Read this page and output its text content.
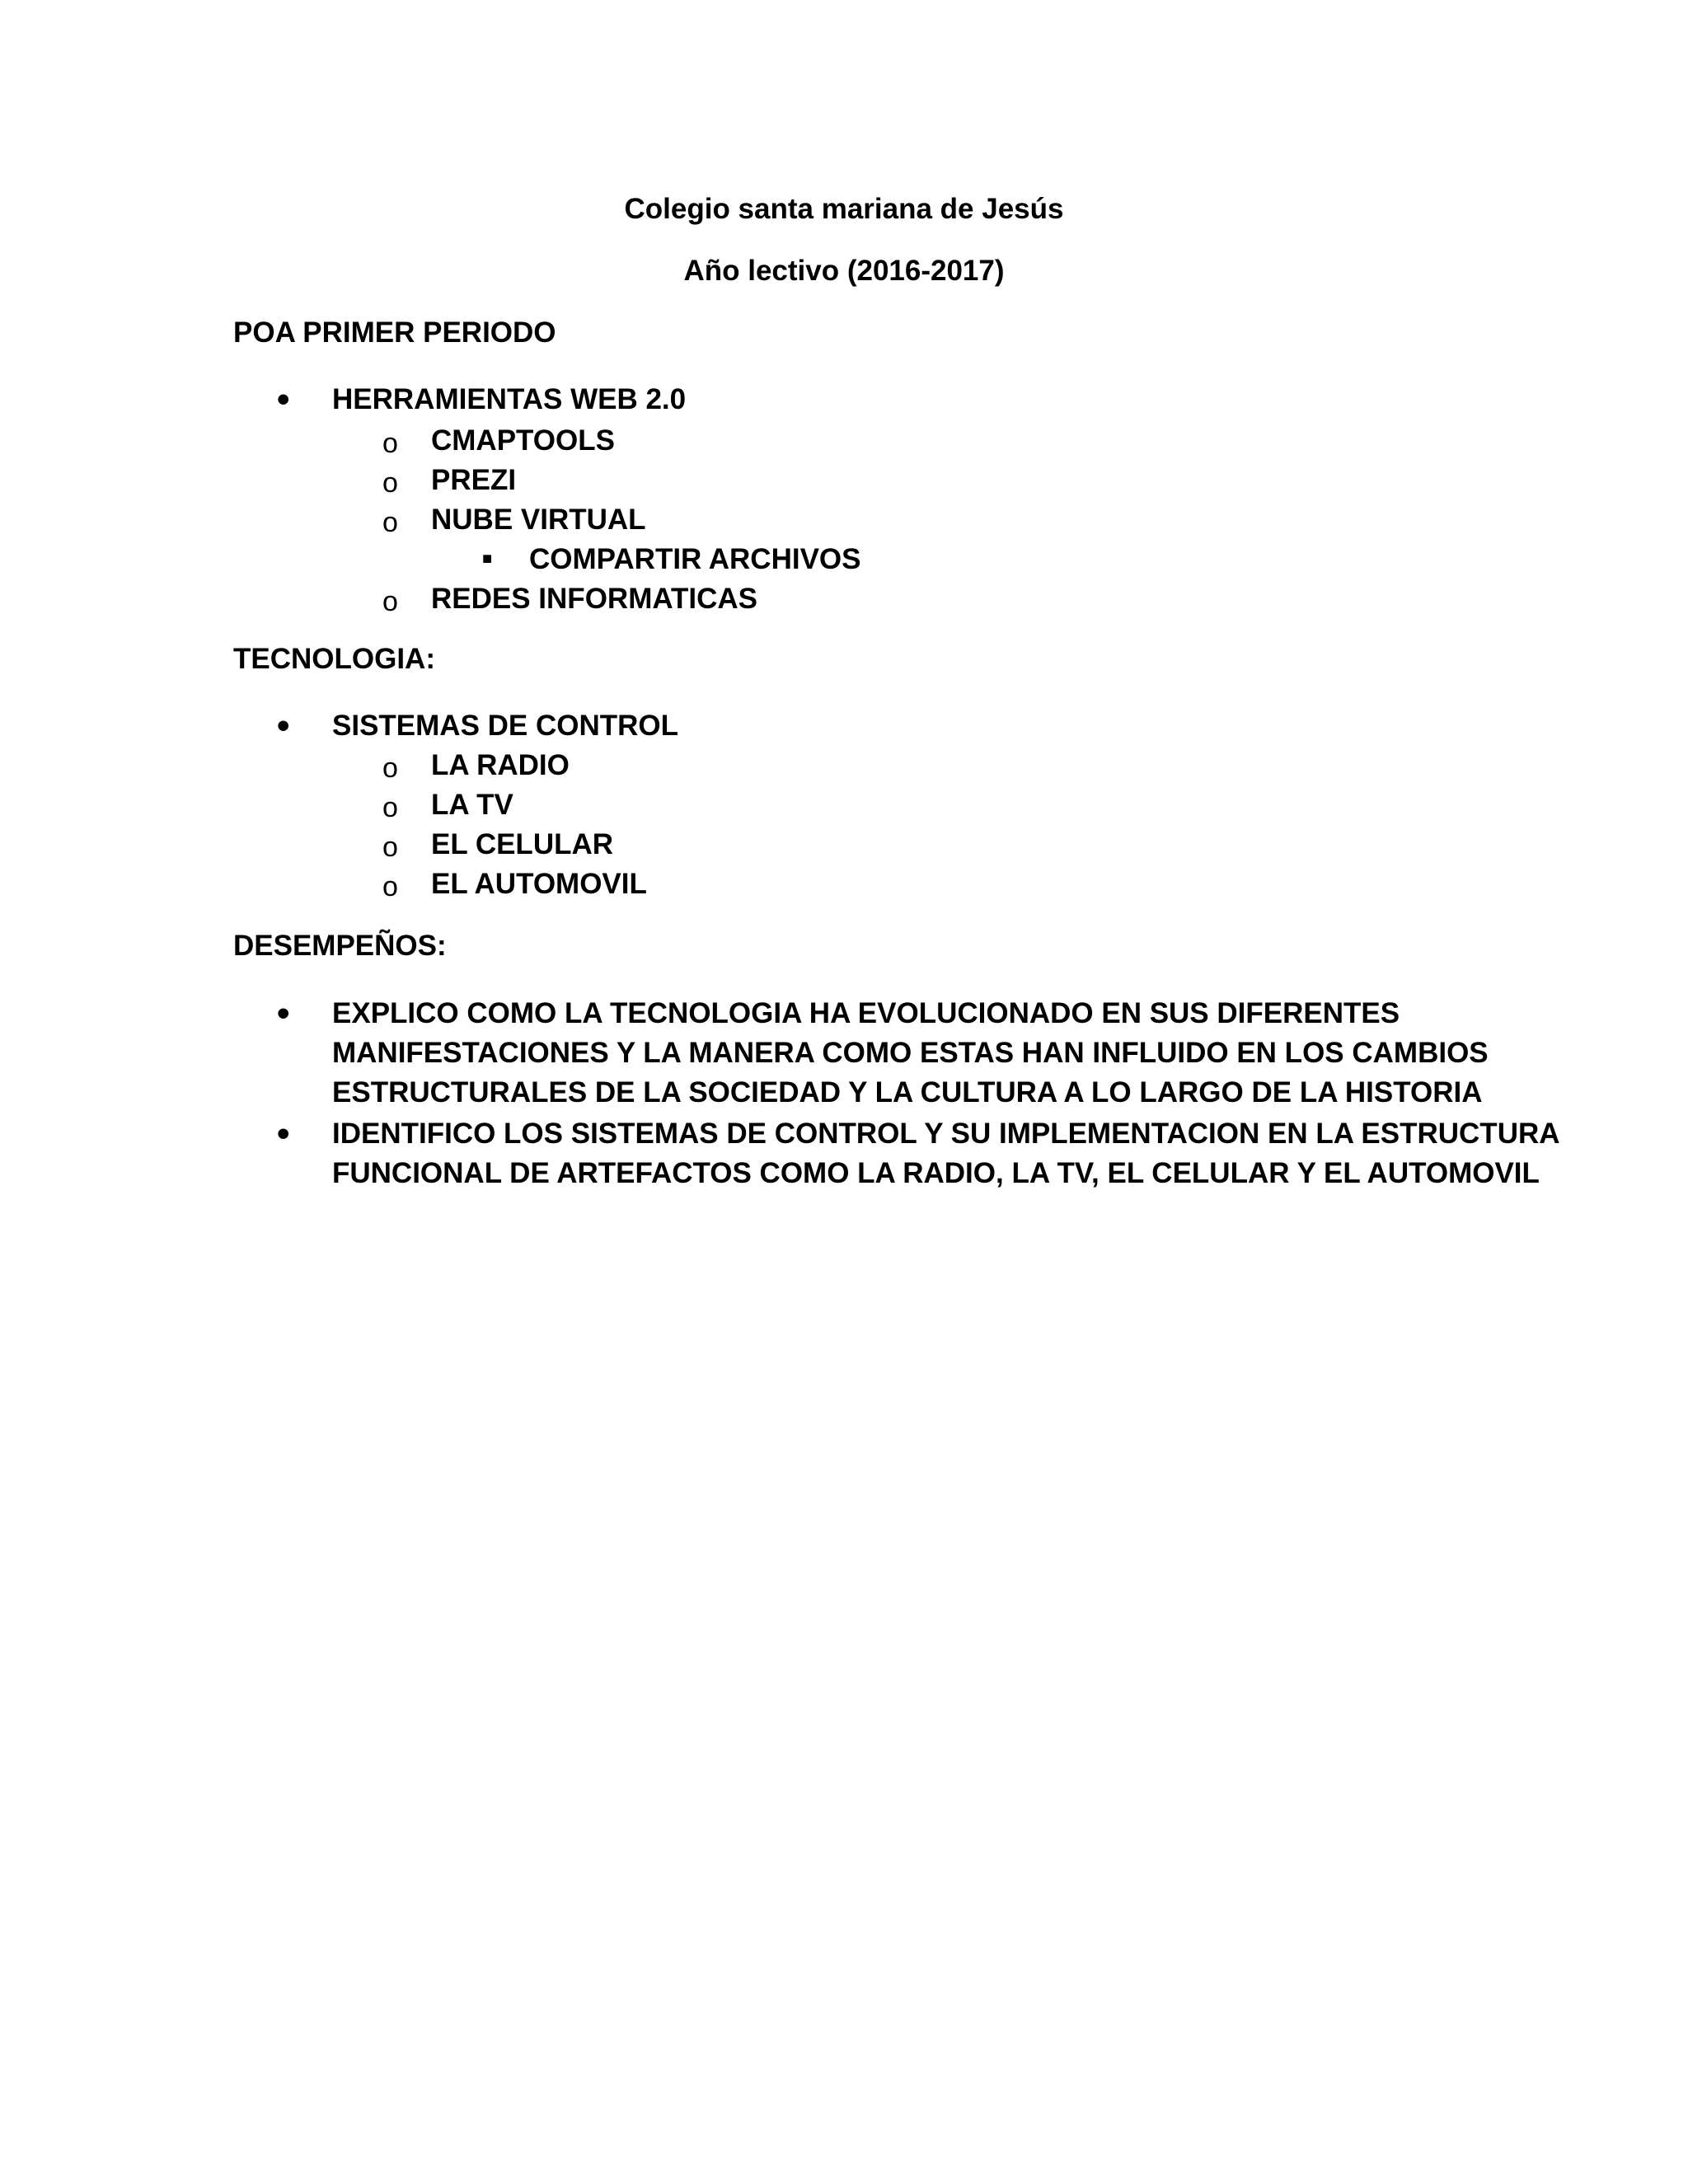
Colegio santa mariana de Jesús
Año lectivo (2016-2017)
POA PRIMER PERIODO
• HERRAMIENTAS WEB 2.0
o CMAPTOOLS
o PREZI
o NUBE VIRTUAL
■ COMPARTIR ARCHIVOS
o REDES INFORMATICAS
TECNOLOGIA:
• SISTEMAS DE CONTROL
o LA RADIO
o LA TV
o EL CELULAR
o EL AUTOMOVIL
DESEMPEÑOS:
• EXPLICO COMO LA TECNOLOGIA HA EVOLUCIONADO EN SUS DIFERENTES
MANIFESTACIONES Y LA MANERA COMO ESTAS HAN INFLUIDO EN LOS CAMBIOS
ESTRUCTURALES DE LA SOCIEDAD Y LA CULTURA A LO LARGO DE LA HISTORIA
• IDENTIFICO LOS SISTEMAS DE CONTROL Y SU IMPLEMENTACION EN LA ESTRUCTURA
FUNCIONAL DE ARTEFACTOS COMO LA RADIO, LA TV, EL CELULAR Y EL AUTOMOVIL
